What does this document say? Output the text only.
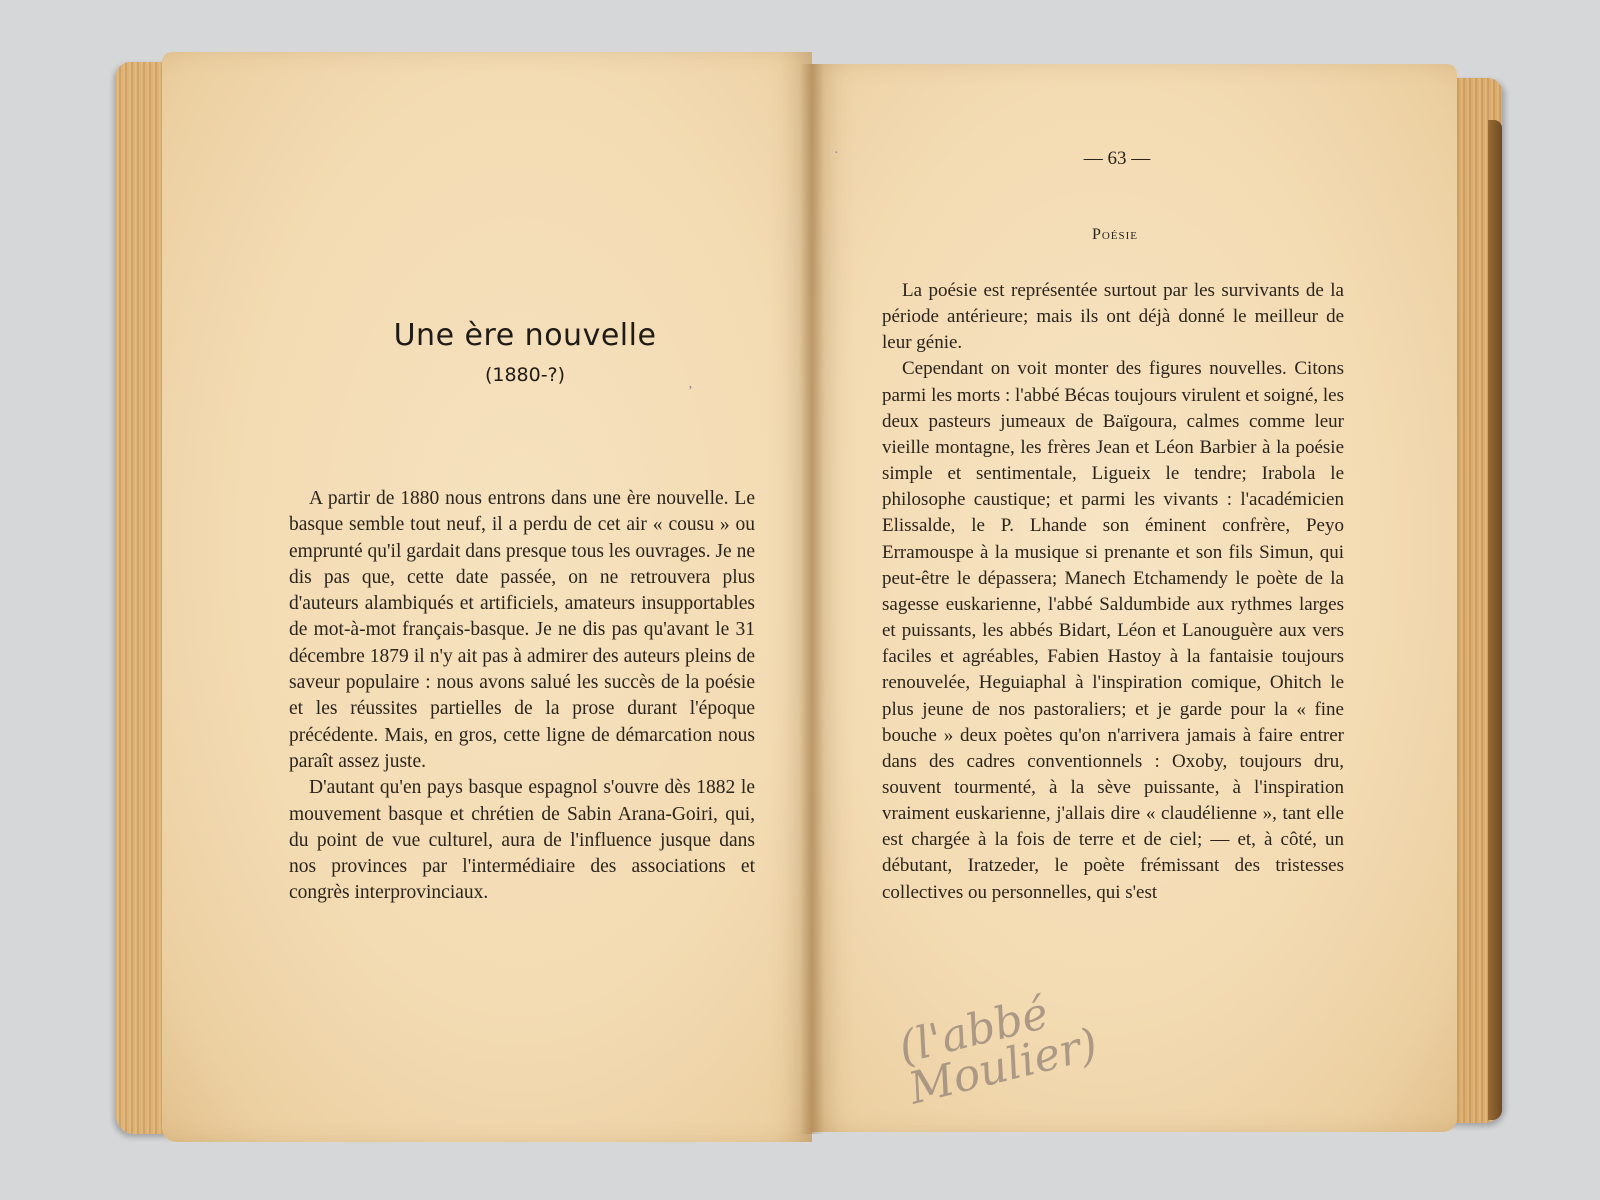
Une ère nouvelle
(1880-?)
ʼ

A partir de 1880 nous entrons dans une ère nouvelle. Le basque semble tout neuf, il a perdu de cet air « cousu » ou emprunté qu'il gardait dans presque tous les ouvrages. Je ne dis pas que, cette date passée, on ne retrouvera plus d'auteurs alambiqués et artificiels, amateurs insupportables de mot-à-mot français-basque. Je ne dis pas qu'avant le 31 décembre 1879 il n'y ait pas à admirer des auteurs pleins de saveur populaire : nous avons salué les succès de la poésie et les réussites partielles de la prose durant l'époque précédente. Mais, en gros, cette ligne de démarcation nous paraît assez juste.

D'autant qu'en pays basque espagnol s'ouvre dès 1882 le mouvement basque et chrétien de Sabin Arana-Goiri, qui, du point de vue culturel, aura de l'influence jusque dans nos provinces par l'intermédiaire des associations et congrès interprovinciaux.

·	— 63 —
Poésie

La poésie est représentée surtout par les survivants de la période antérieure; mais ils ont déjà donné le meilleur de leur génie.

Cependant on voit monter des figures nouvelles. Citons parmi les morts : l'abbé Bécas toujours virulent et soigné, les deux pasteurs jumeaux de Baïgoura, calmes comme leur vieille montagne, les frères Jean et Léon Barbier à la poésie simple et sentimentale, Ligueix le tendre; Irabola le philosophe caustique; et parmi les vivants : l'académicien Elissalde, le P. Lhande son éminent confrère, Peyo Erramouspe à la musique si prenante et son fils Simun, qui peut-être le dépassera; Manech Etchamendy le poète de la sagesse euskarienne, l'abbé Saldumbide aux rythmes larges et puissants, les abbés Bidart, Léon et Lanouguère aux vers faciles et agréables, Fabien Hastoy à la fantaisie toujours renouvelée, Heguiaphal à l'inspiration comique, Ohitch le plus jeune de nos pastoraliers; et je garde pour la « fine bouche » deux poètes qu'on n'arrivera jamais à faire entrer dans des cadres conventionnels : Oxoby, toujours dru, souvent tourmenté, à la sève puissante, à l'inspiration vraiment euskarienne, j'allais dire « claudélienne », tant elle est chargée à la fois de terre et de ciel; — et, à côté, un débutant, Iratzeder, le poète frémissant des tristesses collectives ou personnelles, qui s'est

(l'abbé Moulier)
